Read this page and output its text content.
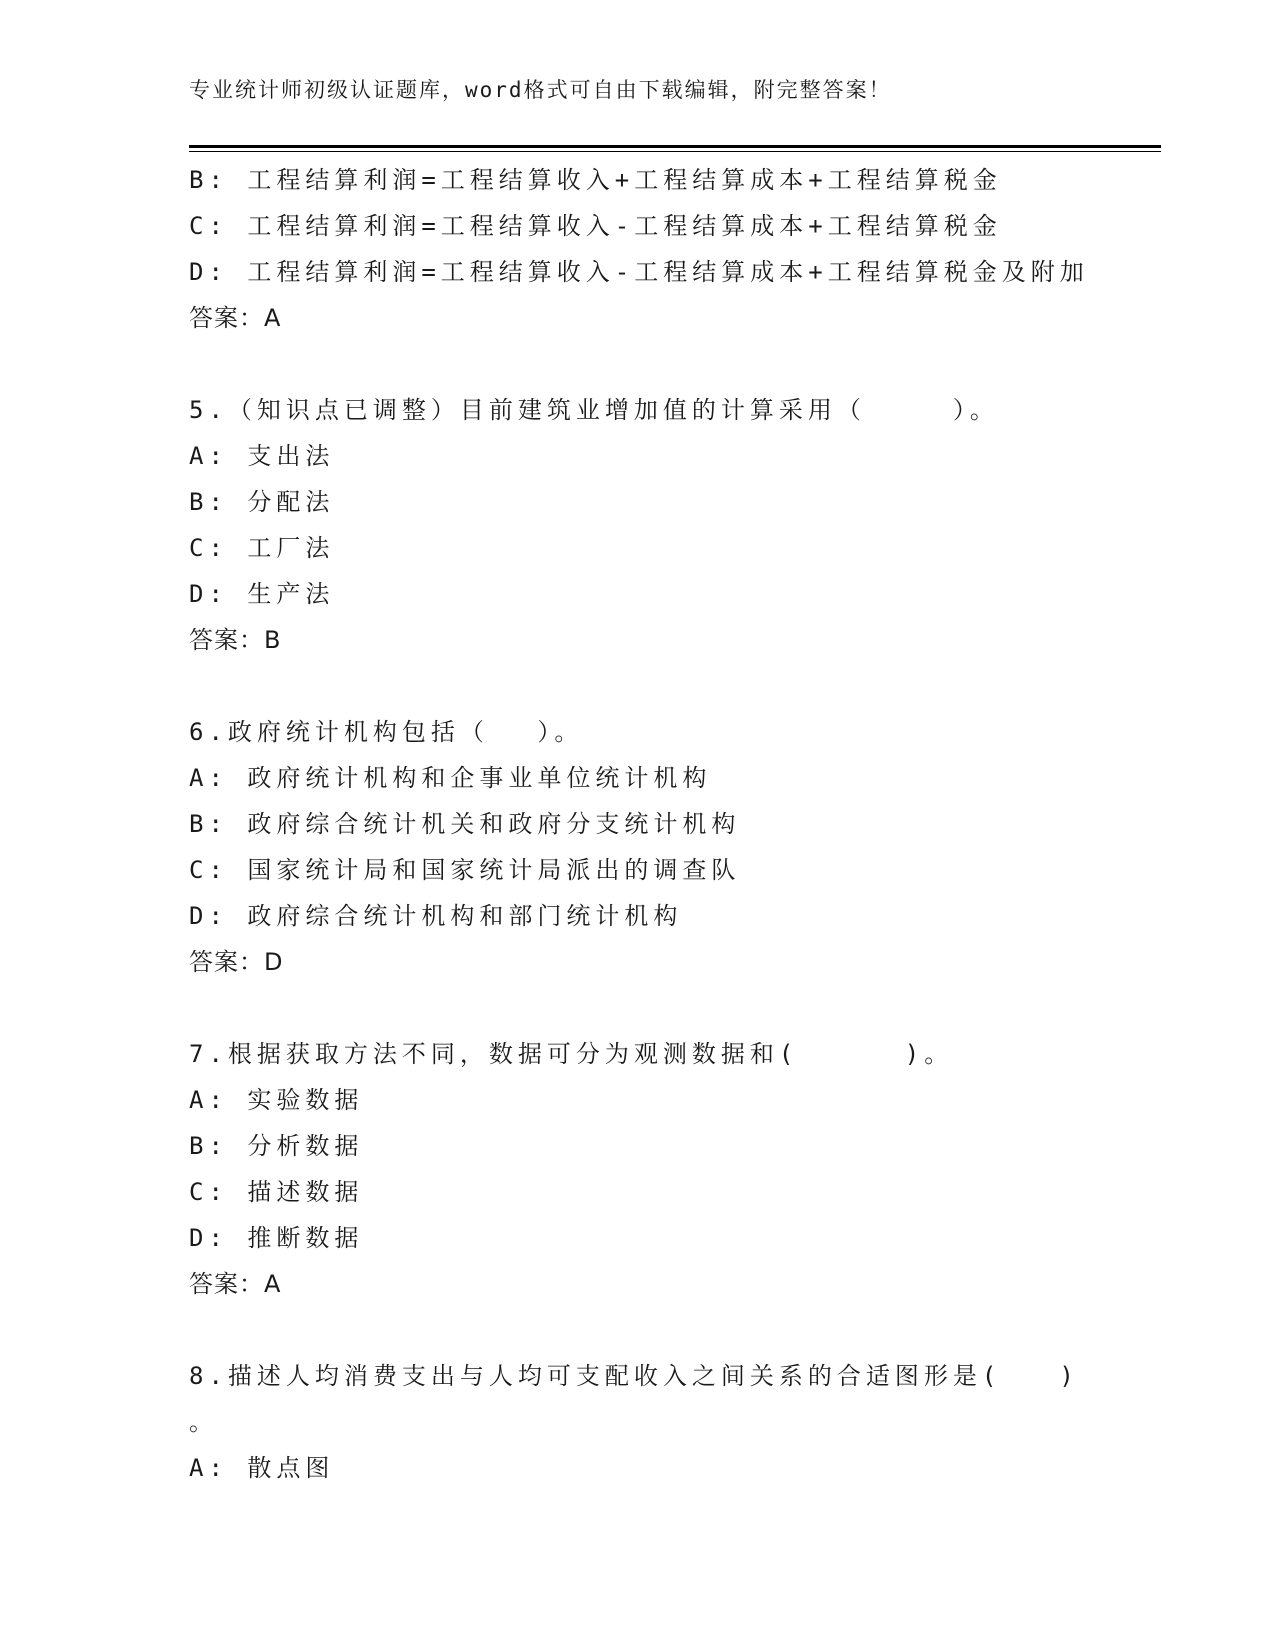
专业统计师初级认证题库，word格式可自由下载编辑，附完整答案！
B: 工程结算利润=工程结算收入+工程结算成本+工程结算税金
C: 工程结算利润=工程结算收入-工程结算成本+工程结算税金
D: 工程结算利润=工程结算收入-工程结算成本+工程结算税金及附加
答案：A
5.（知识点已调整）目前建筑业增加值的计算采用（　　　）。
A: 支出法
B: 分配法
C: 工厂法
D: 生产法
答案：B
6.政府统计机构包括（　 ）。
A: 政府统计机构和企事业单位统计机构
B: 政府综合统计机关和政府分支统计机构
C: 国家统计局和国家统计局派出的调查队
D: 政府综合统计机构和部门统计机构
答案：D
7.根据获取方法不同，数据可分为观测数据和(　　　 )。
A: 实验数据
B: 分析数据
C: 描述数据
D: 推断数据
答案：A
8.描述人均消费支出与人均可支配收入之间关系的合适图形是(　　)
。
A: 散点图
